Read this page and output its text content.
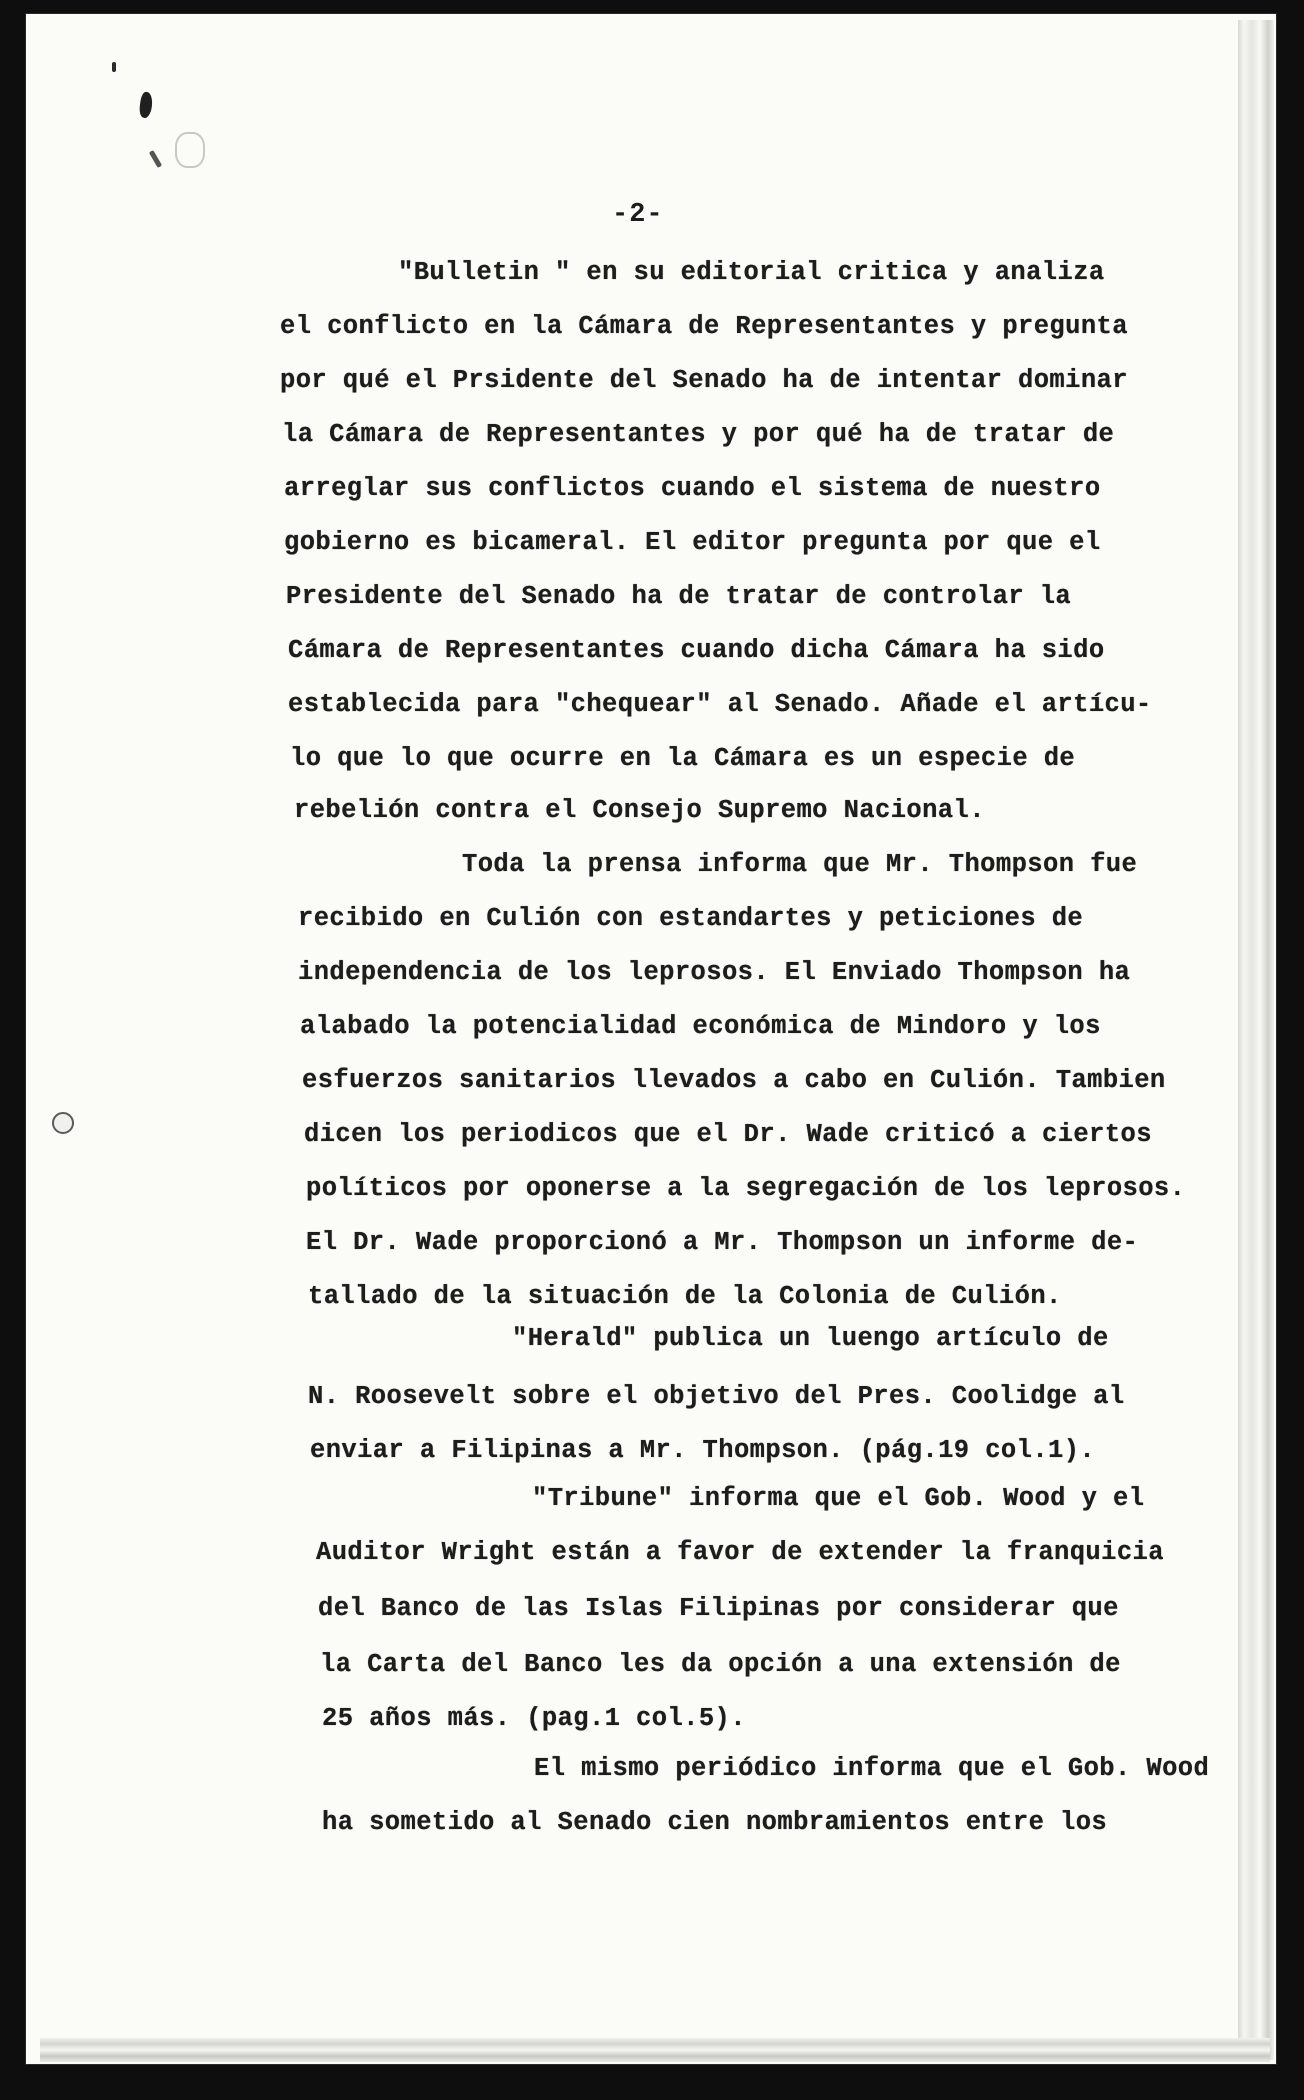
-2-
"Bulletin " en su editorial critica y analiza
el conflicto en la Cámara de Representantes y pregunta
por qué el Prsidente del Senado ha de intentar dominar
la Cámara de Representantes y por qué ha de tratar de
arreglar sus conflictos cuando el sistema de nuestro
gobierno es bicameral. El editor pregunta por que el
Presidente del Senado ha de tratar de controlar la
Cámara de Representantes cuando dicha Cámara ha sido
establecida para "chequear" al Senado. Añade el artícu-
lo que lo que ocurre en la Cámara es un especie de
rebelión contra el Consejo Supremo Nacional.
Toda la prensa informa que Mr. Thompson fue
recibido en Culión con estandartes y peticiones de
independencia de los leprosos. El Enviado Thompson ha
alabado la potencialidad económica de Mindoro y los
esfuerzos sanitarios llevados a cabo en Culión. Tambien
dicen los periodicos que el Dr. Wade criticó a ciertos
políticos por oponerse a la segregación de los leprosos.
El Dr. Wade proporcionó a Mr. Thompson un informe de-
tallado de la situación de la Colonia de Culión.
"Herald" publica un luengo artículo de
N. Roosevelt sobre el objetivo del Pres. Coolidge al
enviar a Filipinas a Mr. Thompson. (pág.19 col.1).
"Tribune" informa que el Gob. Wood y el
Auditor Wright están a favor de extender la franquicia
del Banco de las Islas Filipinas por considerar que
la Carta del Banco les da opción a una extensión de
25 años más. (pag.1 col.5).
El mismo periódico informa que el Gob. Wood
ha sometido al Senado cien nombramientos entre los
